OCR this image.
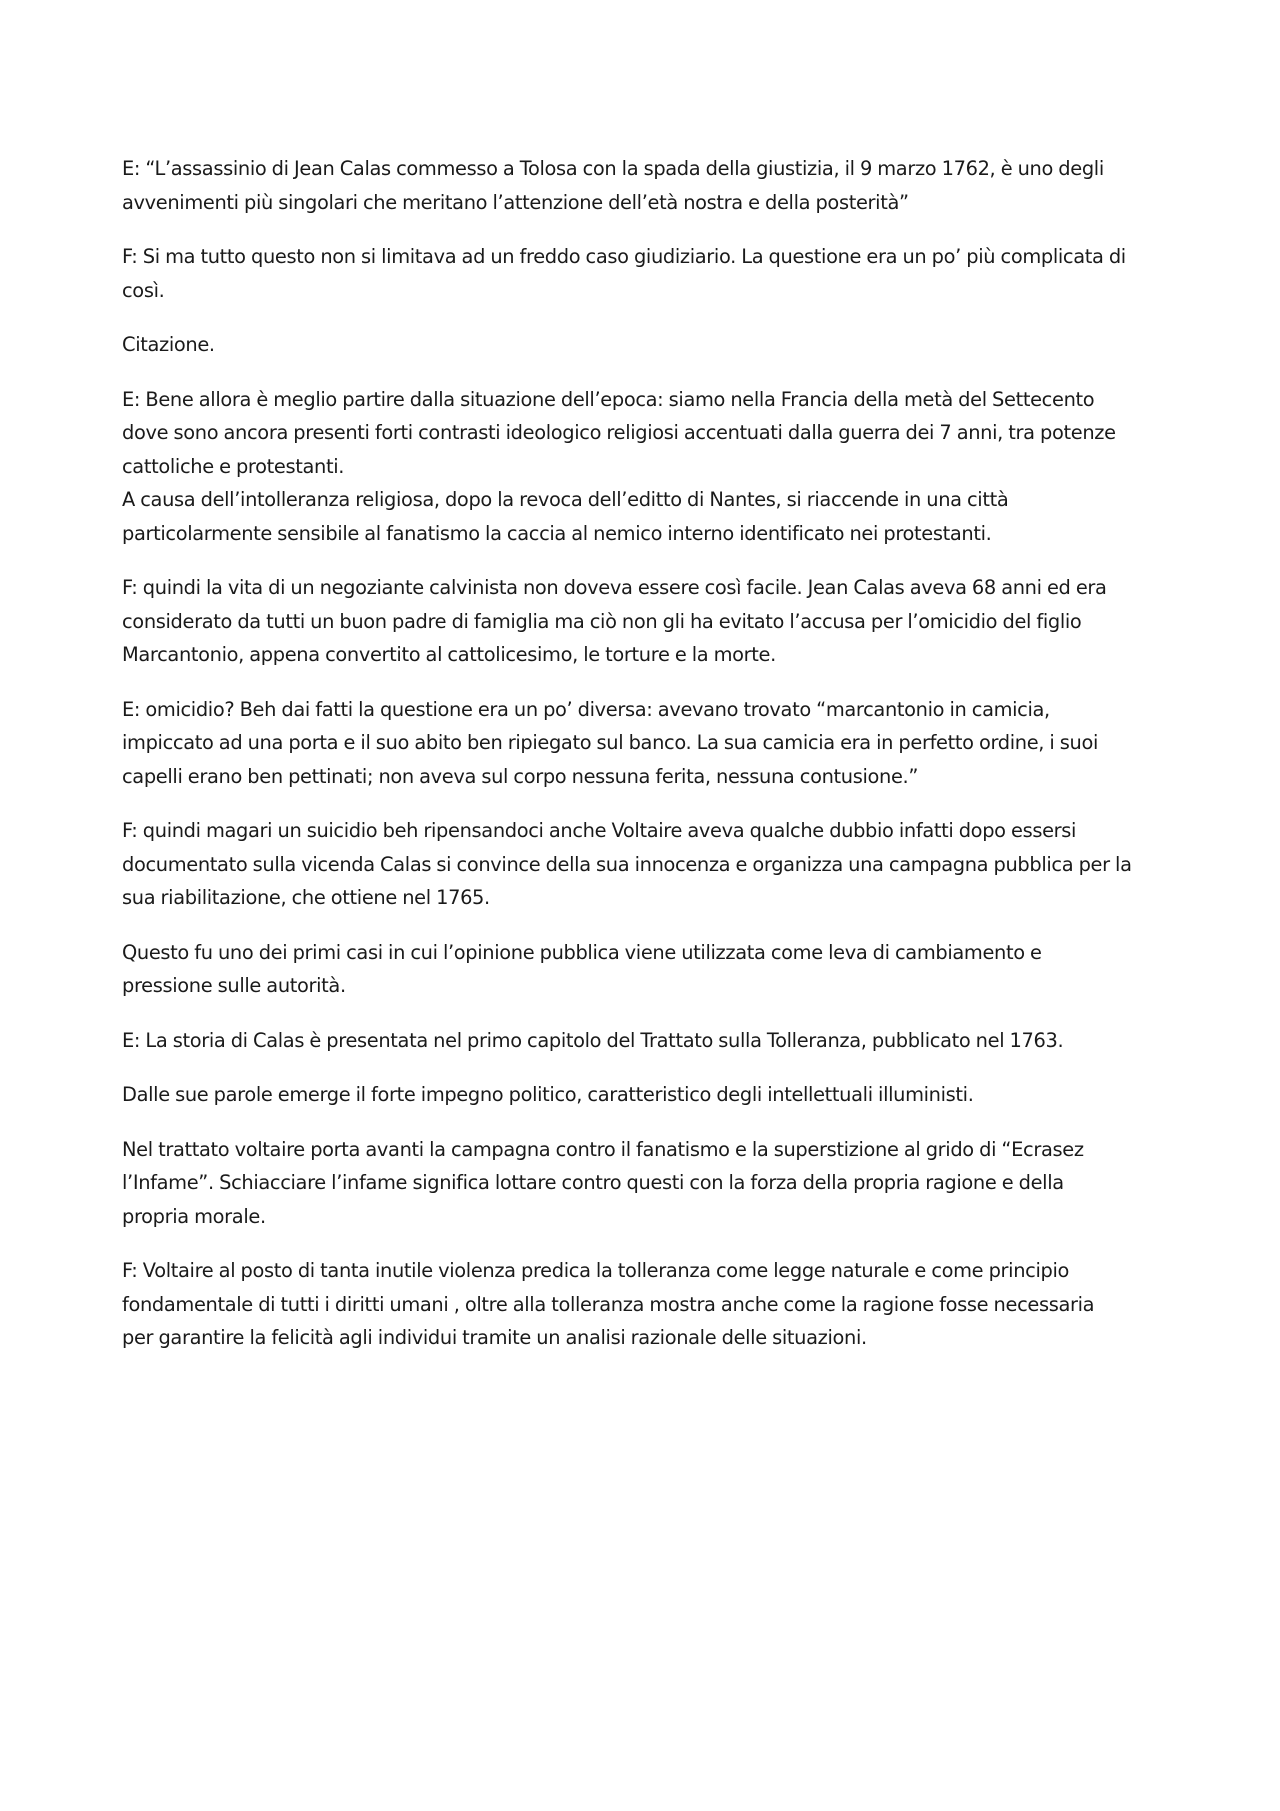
E: “L’assassinio di Jean Calas commesso a Tolosa con la spada della giustizia, il 9 marzo 1762, è uno degli
avvenimenti più singolari che meritano l’attenzione dell’età nostra e della posterità”

F: Si ma tutto questo non si limitava ad un freddo caso giudiziario. La questione era un po’ più complicata di
così.

Citazione.

E: Bene allora è meglio partire dalla situazione dell’epoca: siamo nella Francia della metà del Settecento
dove sono ancora presenti forti contrasti ideologico religiosi accentuati dalla guerra dei 7 anni, tra potenze
cattoliche e protestanti.
A causa dell’intolleranza religiosa, dopo la revoca dell’editto di Nantes, si riaccende in una città
particolarmente sensibile al fanatismo la caccia al nemico interno identificato nei protestanti.

F: quindi la vita di un negoziante calvinista non doveva essere così facile. Jean Calas aveva 68 anni ed era
considerato da tutti un buon padre di famiglia ma ciò non gli ha evitato l’accusa per l’omicidio del figlio
Marcantonio, appena convertito al cattolicesimo, le torture e la morte.

E: omicidio? Beh dai fatti la questione era un po’ diversa: avevano trovato “marcantonio in camicia,
impiccato ad una porta e il suo abito ben ripiegato sul banco. La sua camicia era in perfetto ordine, i suoi
capelli erano ben pettinati; non aveva sul corpo nessuna ferita, nessuna contusione.”

F: quindi magari un suicidio beh ripensandoci anche Voltaire aveva qualche dubbio infatti dopo essersi
documentato sulla vicenda Calas si convince della sua innocenza e organizza una campagna pubblica per la
sua riabilitazione, che ottiene nel 1765.

Questo fu uno dei primi casi in cui l’opinione pubblica viene utilizzata come leva di cambiamento e
pressione sulle autorità.

E: La storia di Calas è presentata nel primo capitolo del Trattato sulla Tolleranza, pubblicato nel 1763.

Dalle sue parole emerge il forte impegno politico, caratteristico degli intellettuali illuministi.

Nel trattato voltaire porta avanti la campagna contro il fanatismo e la superstizione al grido di “Ecrasez
l’Infame”. Schiacciare l’infame significa lottare contro questi con la forza della propria ragione e della
propria morale.

F: Voltaire al posto di tanta inutile violenza predica la tolleranza come legge naturale e come principio
fondamentale di tutti i diritti umani , oltre alla tolleranza mostra anche come la ragione fosse necessaria
per garantire la felicità agli individui tramite un analisi razionale delle situazioni.
